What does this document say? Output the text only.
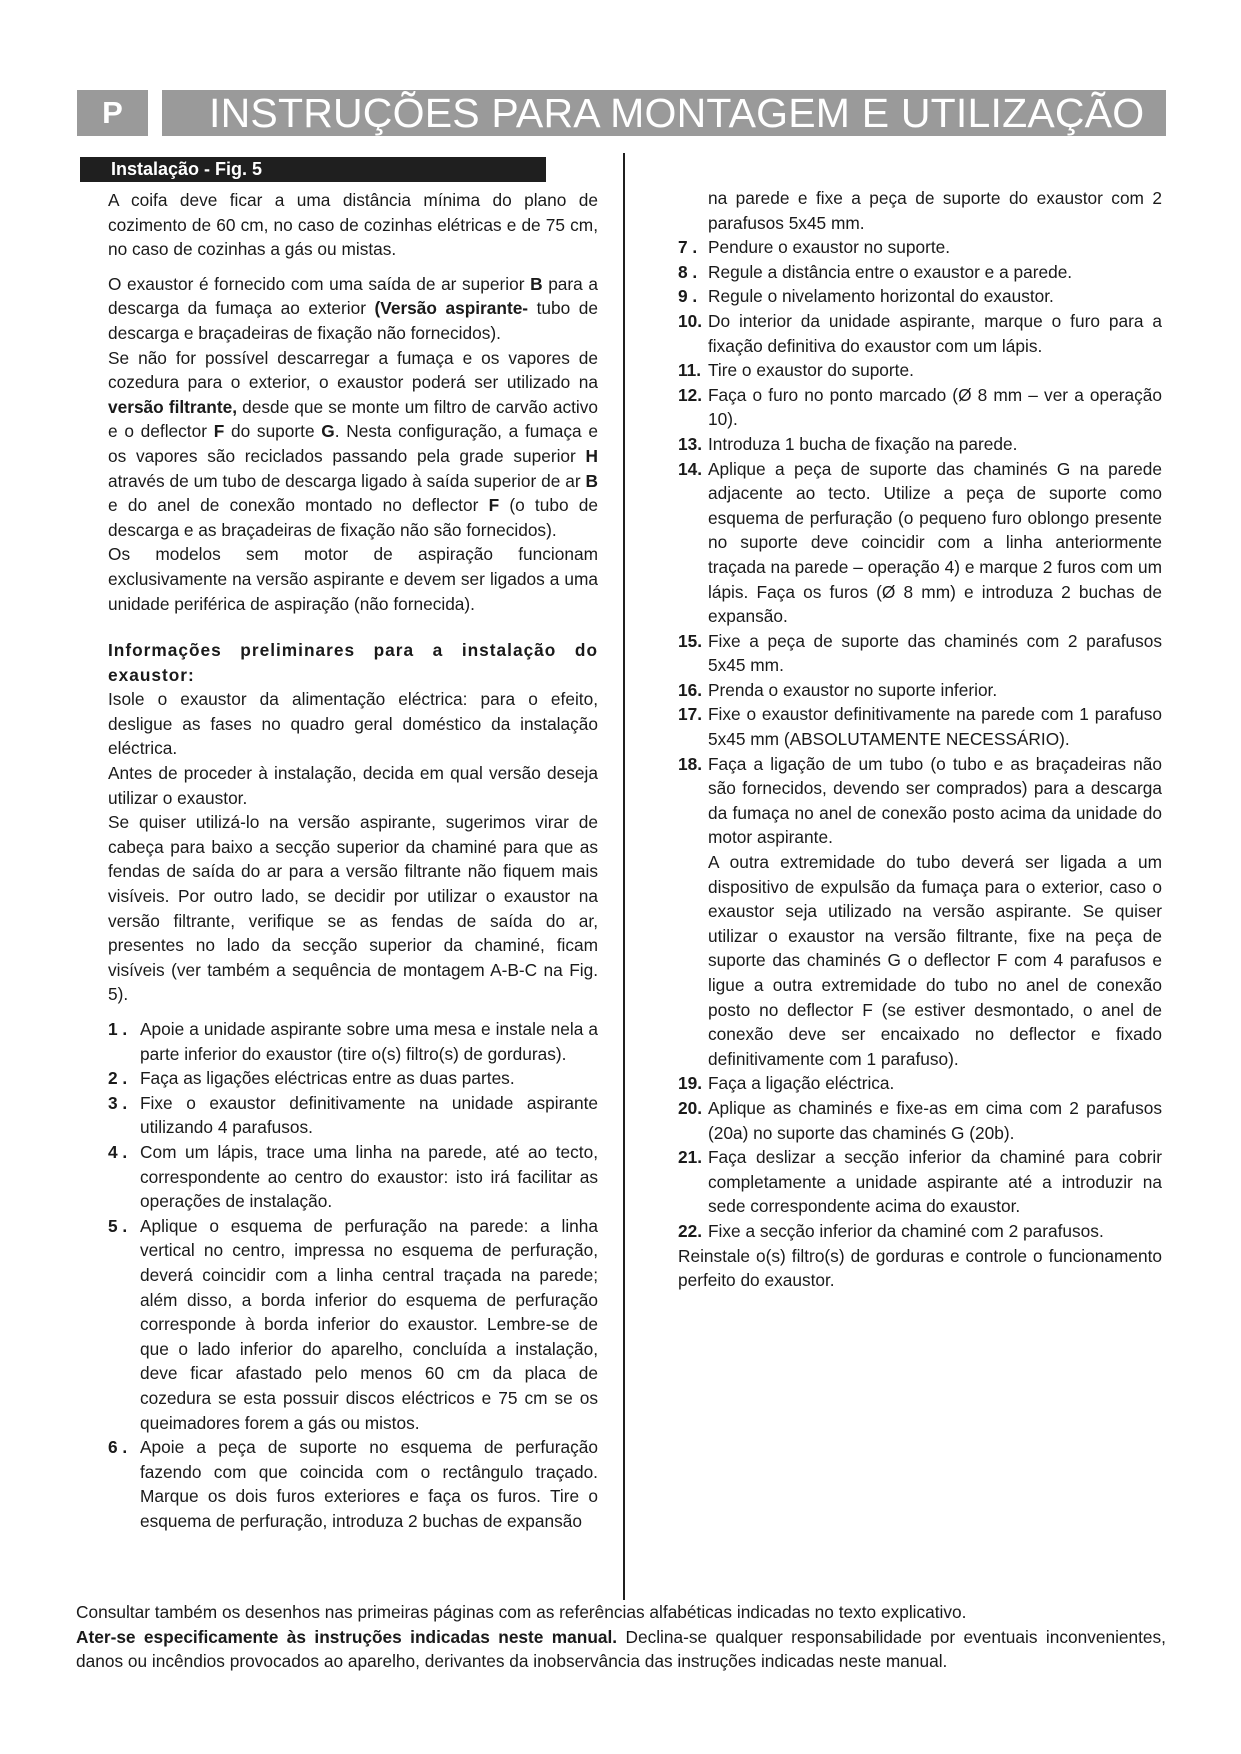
P	INSTRUÇÕES PARA MONTAGEM E UTILIZAÇÃO
Instalação - Fig. 5

A coifa deve ficar a uma distância mínima do plano de cozimento de 60 cm, no caso de cozinhas elétricas e de 75 cm, no caso de cozinhas a gás ou mistas.

O exaustor é fornecido com uma saída de ar superior B para a descarga da fumaça ao exterior (Versão aspirante- tubo de descarga e braçadeiras de fixação não fornecidos).

Se não for possível descarregar a fumaça e os vapores de cozedura para o exterior, o exaustor poderá ser utilizado na versão filtrante, desde que se monte um filtro de carvão activo e o deflector F do suporte G. Nesta configuração, a fumaça e os vapores são reciclados passando pela grade superior H através de um tubo de descarga ligado à saída superior de ar B e do anel de conexão montado no deflector F (o tubo de descarga e as braçadeiras de fixação não são fornecidos).

Os modelos sem motor de aspiração funcionam exclusivamente na versão aspirante e devem ser ligados a uma unidade periférica de aspiração (não fornecida).

Informações preliminares para a instalação do exaustor:

Isole o exaustor da alimentação eléctrica: para o efeito, desligue as fases no quadro geral doméstico da instalação eléctrica.

Antes de proceder à instalação, decida em qual versão deseja utilizar o exaustor.

Se quiser utilizá-lo na versão aspirante, sugerimos virar de cabeça para baixo a secção superior da chaminé para que as fendas de saída do ar para a versão filtrante não fiquem mais visíveis. Por outro lado, se decidir por utilizar o exaustor na versão filtrante, verifique se as fendas de saída do ar, presentes no lado da secção superior da chaminé, ficam visíveis (ver também a sequência de montagem A-B-C na Fig. 5).

1 . Apoie a unidade aspirante sobre uma mesa e instale nela a parte inferior do exaustor (tire o(s) filtro(s) de gorduras).
2 . Faça as ligações eléctricas entre as duas partes.
3 . Fixe o exaustor definitivamente na unidade aspirante utilizando 4 parafusos.
4 . Com um lápis, trace uma linha na parede, até ao tecto, correspondente ao centro do exaustor: isto irá facilitar as operações de instalação.
5 . Aplique o esquema de perfuração na parede: a linha vertical no centro, impressa no esquema de perfuração, deverá coincidir com a linha central traçada na parede; além disso, a borda inferior do esquema de perfuração corresponde à borda inferior do exaustor. Lembre-se de que o lado inferior do aparelho, concluída a instalação, deve ficar afastado pelo menos 60 cm da placa de cozedura se esta possuir discos eléctricos e 75 cm se os queimadores forem a gás ou mistos.
6 . Apoie a peça de suporte no esquema de perfuração fazendo com que coincida com o rectângulo traçado. Marque os dois furos exteriores e faça os furos. Tire o esquema de perfuração, introduza 2 buchas de expansão

na parede e fixe a peça de suporte do exaustor com 2 parafusos 5x45 mm.

7 . Pendure o exaustor no suporte.
8 . Regule a distância entre o exaustor e a parede.
9 . Regule o nivelamento horizontal do exaustor.
10. Do interior da unidade aspirante, marque o furo para a fixação definitiva do exaustor com um lápis.
11. Tire o exaustor do suporte.
12. Faça o furo no ponto marcado (Ø 8 mm – ver a operação 10).
13. Introduza 1 bucha de fixação na parede.
14. Aplique a peça de suporte das chaminés G na parede adjacente ao tecto. Utilize a peça de suporte como esquema de perfuração (o pequeno furo oblongo presente no suporte deve coincidir com a linha anteriormente traçada na parede – operação 4) e marque 2 furos com um lápis. Faça os furos (Ø 8 mm) e introduza 2 buchas de expansão.
15. Fixe a peça de suporte das chaminés com 2 parafusos 5x45 mm.
16. Prenda o exaustor no suporte inferior.
17. Fixe o exaustor definitivamente na parede com 1 parafuso 5x45 mm (ABSOLUTAMENTE NECESSÁRIO).
18. Faça a ligação de um tubo (o tubo e as braçadeiras não são fornecidos, devendo ser comprados) para a descarga da fumaça no anel de conexão posto acima da unidade do motor aspirante.

A outra extremidade do tubo deverá ser ligada a um dispositivo de expulsão da fumaça para o exterior, caso o exaustor seja utilizado na versão aspirante. Se quiser utilizar o exaustor na versão filtrante, fixe na peça de suporte das chaminés G o deflector F com 4 parafusos e ligue a outra extremidade do tubo no anel de conexão posto no deflector F (se estiver desmontado, o anel de conexão deve ser encaixado no deflector e fixado definitivamente com 1 parafuso).

19. Faça a ligação eléctrica.
20. Aplique as chaminés e fixe-as em cima com 2 parafusos (20a) no suporte das chaminés G (20b).
21. Faça deslizar a secção inferior da chaminé para cobrir completamente a unidade aspirante até a introduzir na sede correspondente acima do exaustor.
22. Fixe a secção inferior da chaminé com 2 parafusos.

Reinstale o(s) filtro(s) de gorduras e controle o funcionamento perfeito do exaustor.

Consultar também os desenhos nas primeiras páginas com as referências alfabéticas indicadas no texto explicativo.

Ater-se especificamente às instruções indicadas neste manual. Declina-se qualquer responsabilidade por eventuais inconvenientes, danos ou incêndios provocados ao aparelho, derivantes da inobservância das instruções indicadas neste manual.
